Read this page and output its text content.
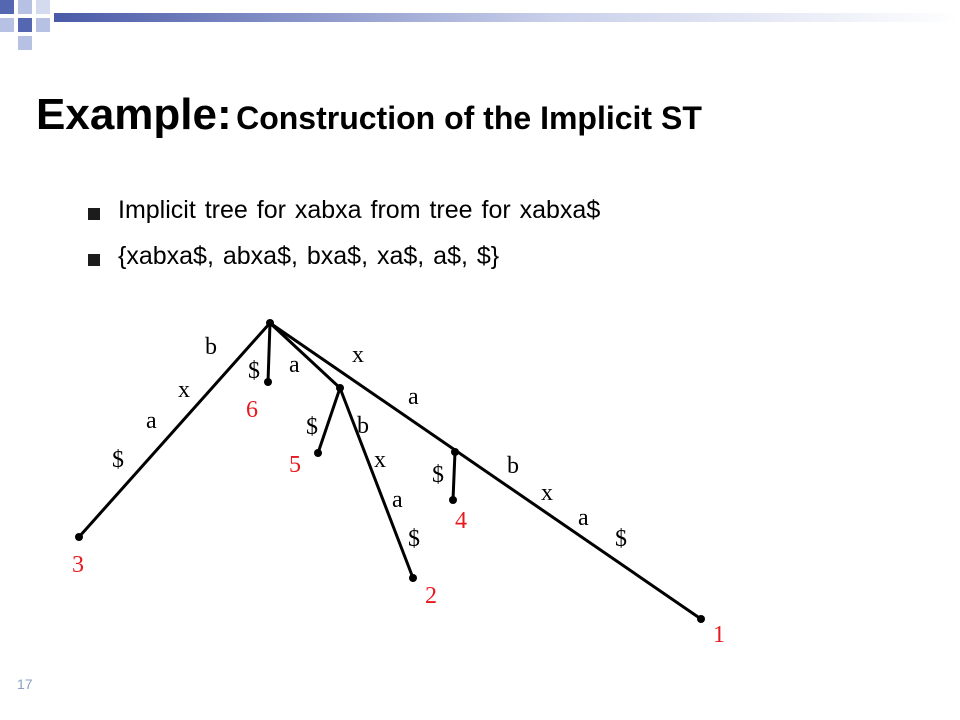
Example: Construction of the Implicit ST
Implicit tree for xabxa from tree for xabxa$
{xabxa$, abxa$, bxa$, xa$, a$, $}
b
x
a
$
$ a
$ b
x
a
$
x
a
$	b
x
a
$
3
6
5
2
4
1
17
